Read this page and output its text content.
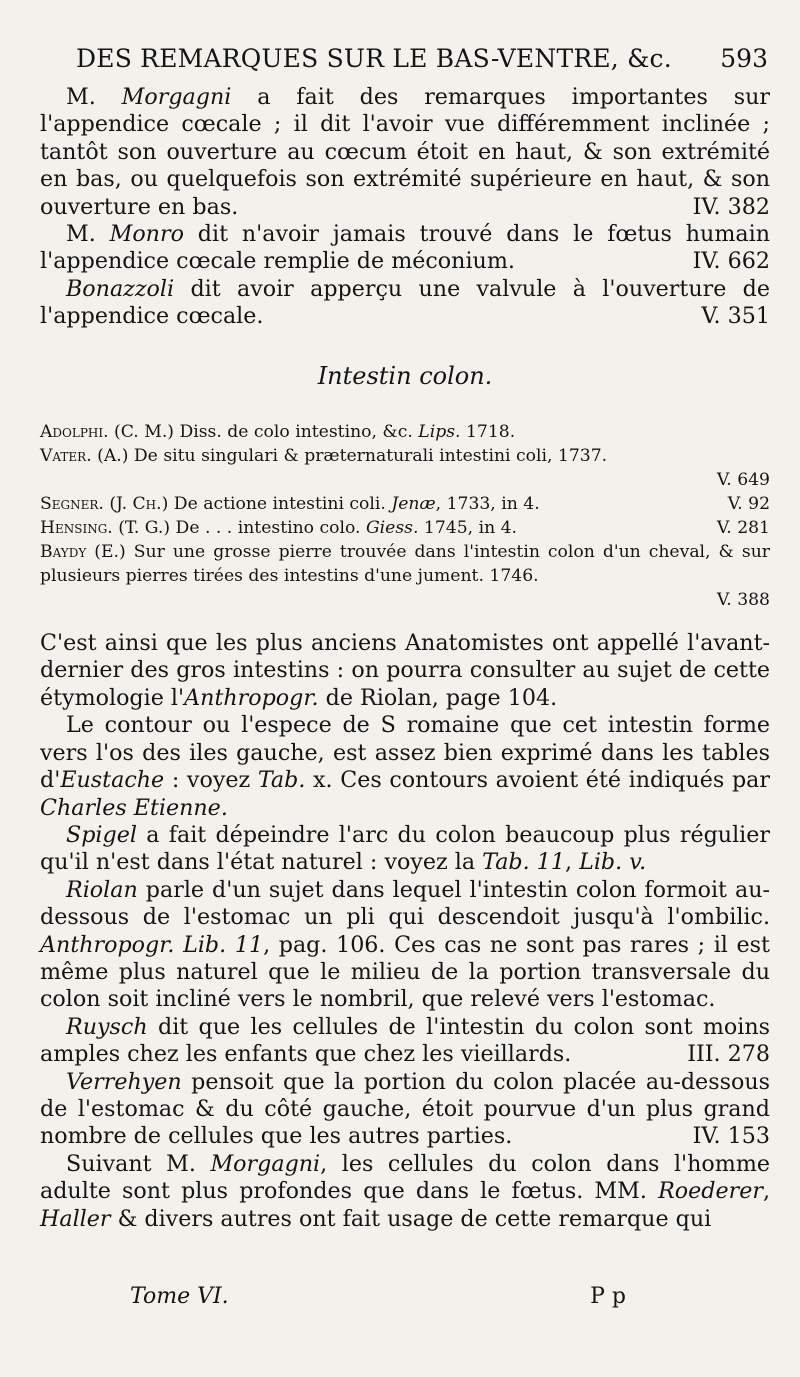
DES REMARQUES SUR LE BAS-VENTRE, &c. 593

M. Morgagni a fait des remarques importantes sur l'appendice cœcale ; il dit l'avoir vue différemment inclinée ; tantôt son ouverture au cœcum étoit en haut, & son extrémité en bas, ou quelquefois son extrémité supérieure en haut, & son ouverture en bas.	IV. 382

M. Monro dit n'avoir jamais trouvé dans le fœtus humain l'appendice cœcale remplie de méconium.	IV. 662

Bonazzoli dit avoir apperçu une valvule à l'ouverture de l'appendice cœcale.	V. 351

Intestin colon.

Adolphi. (C. M.) Diss. de colo intestino, &c. Lips. 1718.

Vater. (A.) De situ singulari & præternaturali intestini coli, 1737.

V. 649

Segner. (J. Ch.) De actione intestini coli. Jenæ, 1733, in 4.	V. 92

Hensing. (T. G.) De . . . intestino colo. Giess. 1745, in 4.	V. 281

Baydy (E.) Sur une grosse pierre trouvée dans l'intestin colon d'un cheval, & sur plusieurs pierres tirées des intestins d'une jument. 1746.

V. 388

C'est ainsi que les plus anciens Anatomistes ont appellé l'avant-dernier des gros intestins : on pourra consulter au sujet de cette étymologie l'Anthropogr. de Riolan, page 104.

Le contour ou l'espece de S romaine que cet intestin forme vers l'os des iles gauche, est assez bien exprimé dans les tables d'Eustache : voyez Tab. x. Ces contours avoient été indiqués par Charles Etienne.

Spigel a fait dépeindre l'arc du colon beaucoup plus régulier qu'il n'est dans l'état naturel : voyez la Tab. 11, Lib. v.

Riolan parle d'un sujet dans lequel l'intestin colon formoit au-dessous de l'estomac un pli qui descendoit jusqu'à l'ombilic. Anthropogr. Lib. 11, pag. 106. Ces cas ne sont pas rares ; il est même plus naturel que le milieu de la portion transversale du colon soit incliné vers le nombril, que relevé vers l'estomac.

Ruysch dit que les cellules de l'intestin du colon sont moins amples chez les enfants que chez les vieillards.	III. 278

Verrehyen pensoit que la portion du colon placée au-dessous de l'estomac & du côté gauche, étoit pourvue d'un plus grand nombre de cellules que les autres parties.	IV. 153

Suivant M. Morgagni, les cellules du colon dans l'homme adulte sont plus profondes que dans le fœtus. MM. Roederer, Haller & divers autres ont fait usage de cette remarque qui

Tome VI.	P p
